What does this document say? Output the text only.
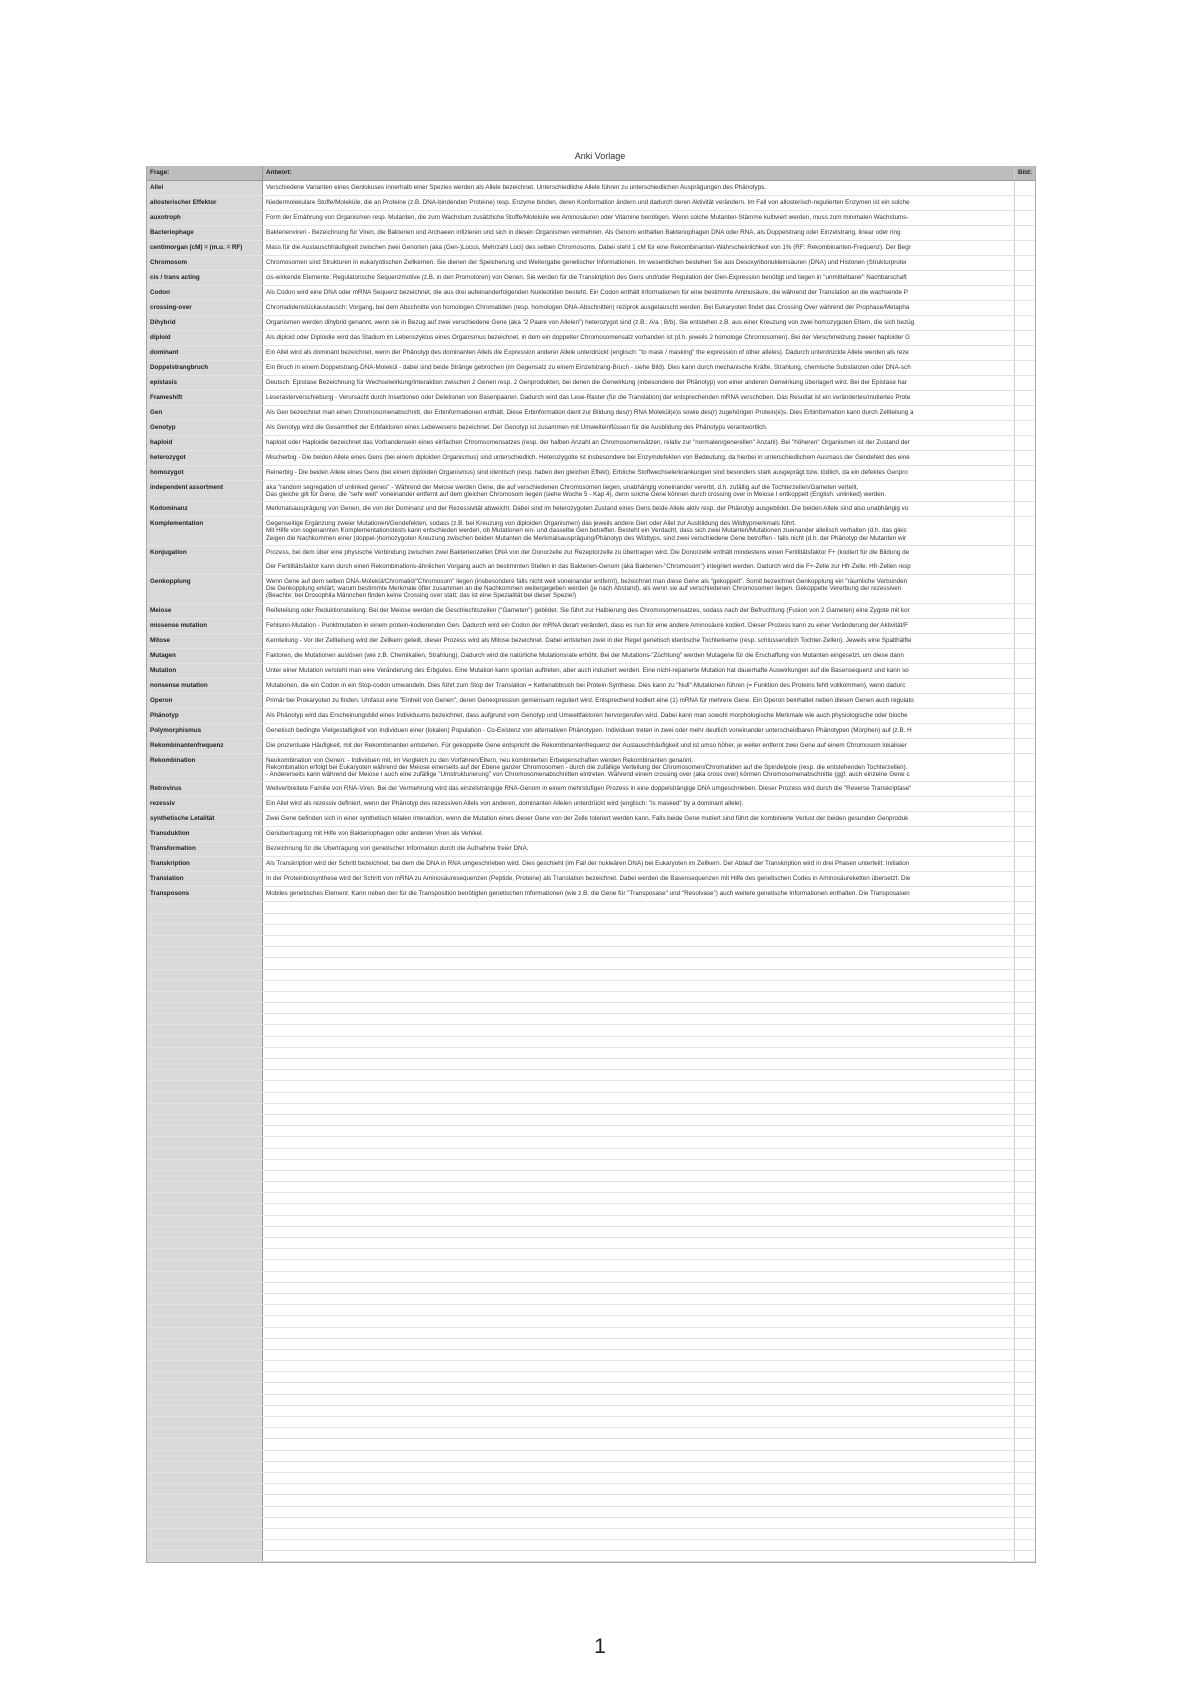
Anki Vorlage
Frage:	Antwort:	Bild:
Allel	Verschiedene Varianten eines Genlokuses innerhalb einer Spezies werden als Allele bezeichnet. Unterschiedliche Allele führen zu unterschiedlichen Ausprägungen des Phänotyps.
allosterischer Effektor	Niedermolekulare Stoffe/Moleküle, die an Proteine (z.B. DNA-bindenden Proteine) resp. Enzyme binden, deren Konformation ändern und dadurch deren Aktivität verändern. Im Fall von allosterisch-regulierten Enzymen ist ein solche
auxotroph	Form der Ernährung von Organismen resp. Mutanten, die zum Wachstum zusätzliche Stoffe/Moleküle wie Aminosäuren oder Vitamine benötigen. Wenn solche Mutanten-Stämme kultiviert werden, muss zum minimalen Wachstums-
Bacteriophage	Bakterienviren - Bezeichnung für Viren, die Bakterien und Archaeen infizieren und sich in diesen Organismen vermehren. Als Genom enthalten Bakteriophagen DNA oder RNA, als Doppelstrang oder Einzelstrang, linear oder ring
centimorgan (cM) = (m.u. = RF)	Mass für die Austauschhäufigkeit zwischen zwei Genorten (aka (Gen-)Locus, Mehrzahl Loci) des selben Chromosoms. Dabei steht 1 cM für eine Rekombinanten-Wahrscheinlichkeit von 1% (RF: Rekombinanten-Frequenz). Der Begr
Chromosom	Chromosomen sind Strukturen in eukaryotischen Zellkernen. Sie dienen der Speicherung und Weitergabe genetischer Informationen. Im wesentlichen bestehen Sie aus Desoxyribonukleinsäuren (DNA) und Histonen (Strukturprotei
cis / trans acting	cis-wirkende Elemente: Regulatorische Sequenzmotive (z.B. in den Promotoren) von Genen. Sie werden für die Transkription des Gens und/oder Regulation der Gen-Expression benötigt und liegen in "unmittelbarer" Nachbarschaft
Codon	Als Codon wird eine DNA oder mRNA Sequenz bezeichnet, die aus drei aufeinanderfolgenden Nukleotiden besteht. Ein Codon enthält Informationen für eine bestimmte Aminosäure, die während der Translation an die wachsende P
crossing-over	Chromatidenstückaustausch: Vorgang, bei dem Abschnitte von homologen Chromatiden (resp. homologen DNA-Abschnitten) reziprok ausgetauscht werden. Bei Eukaryoten findet das Crossing Over während der Prophase/Metapha
Dihybrid	Organismen werden dihybrid genannt, wenn sie in Bezug auf zwei verschiedene Gene (aka "2 Paare von Allelen") heterozygot sind (z.B.: A/a ; B/b). Sie entstehen z.B. aus einer Kreuzung von zwei homozygoten Eltern, die sich bezüg
diploid	Als diploid oder Diploidie wird das Stadium im Lebenszyklus eines Organismus bezeichnet, in dem ein doppelter Chromosomensatz vorhanden ist (d.h. jeweils 2 homologe Chromosomen). Bei der Verschmelzung zweier haploider G
dominant	Ein Allel wird als dominant bezeichnet, wenn der Phänotyp des dominanten Allels die Expression anderer Allele unterdrückt (englisch: "to mask / masking" the expression of other alleles). Dadurch unterdrückte Allele werden als reze
Doppelstrangbruch	Ein Bruch in einem Doppelstrang-DNA-Molekül - dabei sind beide Stränge gebrochen (im Gegensatz zu einem Einzelstrang-Bruch - siehe Bild). Dies kann durch mechanische Kräfte, Strahlung, chemische Substanzen oder DNA-sch
epistasis	Deutsch: Epistase Bezeichnung für Wechselwirkung/Interaktion zwischen 2 Genen resp. 2 Genprodukten, bei denen die Genwirkung (inbesondere der Phänotyp) von einer anderen Genwirkung überlagert wird. Bei der Epistase har
Frameshift	Leserasterverschiebung - Verursacht durch Insertionen oder Deletionen von Basenpaaren. Dadurch wird das Lese-Raster (für die Translation) der entsprechenden mRNA verschoben. Das Resultat ist ein verändertes/mutiertes Prote
Gen	Als Gen bezeichnet man einen Chromosomenabschnitt, der Erbinformationen enthält. Diese Erbinformation dient zur Bildung des(r) RNA Molekül(e)s sowie des(r) zugehörigen Protein(e)s. Dies Erbinformation kann durch Zellteilung a
Genotyp	Als Genotyp wird die Gesamtheit der Erbfaktoren eines Lebewesens bezeichnet. Der Genotyp ist zusammen mit Umwelteinflüssen für die Ausbildung des Phänotyps verantwortlich.
haploid	haploid oder Haploidie bezeichnet das Vorhandensein eines einfachen Chromsomensatzes (resp. der halben Anzahl an Chromosomensätzen, relativ zur "normalen/generellen" Anzahl). Bei "höheren" Organismen ist der Zustand der
heterozygot	Mischerbig - Die beiden Allele eines Gens (bei einem diploiden Organismus) sind unterschiedlich. Heterozygotie ist insbesondere bei Enzymdefekten von Bedeutung, da hierbei in unterschiedlichem Ausmass der Gendefekt des eine
homozygot	Reinerbig - Die beiden Allele eines Gens (bei einem diploiden Organismus) sind identisch (resp. haben den gleichen Effekt). Erbliche Stoffwechselerkrankungen sind besonders stark ausgeprägt bzw. tödlich, da ein defektes Genpro
independent assortment	aka "random segregation of unlinked genes" - Während der Meiose werden Gene, die auf verschiedenen Chromosomen liegen, unabhängig voneinander vererbt, d.h. zufällig auf die Tochterzellen/Gameten verteilt.
Das gleiche gilt für Gene, die "sehr weit" voneinander entfernt auf dem gleichen Chromosom liegen (siehe Woche 5 - Kap 4), denn solche Gene können durch crossing over in Meiose I entkoppelt (English: unlinked) werden.
Kodominanz	Merkmalsausprägung von Genen, die von der Dominanz und der Rezessivität abweicht. Dabei sind im heterozygoten Zustand eines Gens beide Allele aktiv resp. der Phänotyp ausgebildet. Die beiden Allele sind also unabhängig vo
Komplementation	Gegenseitige Ergänzung zweier Mutationen/Gendefekten, sodass (z.B. bei Kreuzung von diploiden Organismen) das jeweils andere Gen oder Allel zur Ausbildung des Wildtypmerkmals führt.
Mit Hilfe von sogenannten Komplementationstests kann entschieden werden, ob Mutationen ein- und dasselbe Gen betreffen. Besteht ein Verdacht, dass sich zwei Mutanten/Mutationen zueinander allelisch verhalten (d.h. das gleic
Zeigen die Nachkommen einer (doppel-)homozygoten Kreuzung zwischen beiden Mutanten die Merkmalsausprägung/Phänotyp des Wildtyps, sind zwei verschiedene Gene betroffen - falls nicht (d.h. der Phänotyp der Mutanten wir
Konjugation	Prozess, bei dem über eine physische Verbindung zwischen zwei Bakterienzellen DNA von der Donorzelle zur Rezeptorzelle zu übertragen wird. Die Donorzelle enthält mindestens einen Fertilitätsfaktor F+ (kodiert für die Bildung de
Der Fertilitätsfaktor kann durch einen Rekombinations-ähnlichen Vorgang auch an bestimmten Stellen in das Bakterien-Genom (aka Bakterien-"Chromosom") integriert werden. Dadurch wird die F+-Zelle zur Hfr-Zelle. Hfr-Zellen resp
Genkopplung	Wenn Gene auf dem selben DNA-Molekül/Chromatid/"Chromosom" liegen (insbesondere falls nicht weit voneinander entfernt), bezeichnet man diese Gene als "gekoppelt". Somit bezeichnet Genkopplung ein "räumliche Verbunden
Die Genkopplung erklärt, warum bestimmte Merkmale öfter zusammen an die Nachkommen weitergegeben werden (je nach Abstand), als wenn sie auf verschiedenen Chromosomen liegen. Gekoppelte Vererbung der rezessiven
(Beachte: bei Drosophila Männchen finden keine Crossing over statt; das ist eine Spezialität bei dieser Spezie!)
Meiose	Reifeteilung oder Reduktionsteilung: Bei der Meiose werden die Geschlechtszellen ("Gameten") gebildet. Sie führt zur Halbierung des Chromosomensatzes, sodass nach der Befruchtung (Fusion von 2 Gameten) eine Zygote mit kor
missense mutation	Fehlsinn-Mutation - Punktmutation in einem protein-kodierenden Gen. Dadurch wird ein Codon der mRNA derart verändert, dass es nun für eine andere Aminosäure kodiert. Dieser Prozess kann zu einer Veränderung der Aktivität/F
Mitose	Kernteilung - Vor der Zellteilung wird der Zellkern geteilt, dieser Prozess wird als Mitose bezeichnet. Dabei entstehen zwei in der Regel genetisch identische Tochterkerne (resp. schlussendlich Tochter-Zellen). Jeweils eine Spalthälfte
Mutagen	Faktoren, die Mutationen auslösen (wie z.B. Chemikalien, Strahlung). Dadurch wird die natürliche Mutationsrate erhöht. Bei der Mutations-"Züchtung" werden Mutagene für die Erschaffung von Mutanten eingesetzt, um diese dann
Mutation	Unter einer Mutation versteht man eine Veränderung des Erbgutes. Eine Mutation kann spontan auftreten, aber auch induziert werden. Eine nicht-reparierte Mutation hat dauerhafte Auswirkungen auf die Basensequenz und kann so
nonsense mutation	Mutationen, die ein Codon in ein Stop-codon umwandeln. Dies führt zum Stop der Translation = Kettenabbruch bei Protein-Synthese. Dies kann zu "Null"-Mutationen führen (= Funktion des Proteins fehlt vollkommen), wenn dadurc
Operon	Primär bei Prokaryoten zu finden. Umfasst eine "Einheit von Genen", deren Genexpression gemeinsam reguliert wird. Entsprechend kodiert eine (1) mRNA für mehrere Gene. Ein Operon beinhaltet neben diesen Genen auch regulato
Phänotyp	Als Phänotyp wird das Erscheinungsbild eines Individuums bezeichnet, dass aufgrund vom Genotyp und Umweltfaktoren hervorgerufen wird. Dabei kann man sowohl morphologische Merkmale wie auch physiologische oder bioche
Polymorphismus	Genetisch bedingte Vielgestaltigkeit von Individuen einer (lokalen) Population - Co-Existenz von alternativen Phänotypen. Individuen treten in zwei oder mehr deutlich voneinander unterscheidbaren Phänotypen (Morphen) auf (z.B. H
Rekombinantenfrequenz	Die prozentuale Häufigkeit, mit der Rekombinanten entstehen. Für gekoppelte Gene entspricht die Rekombinantenfrequenz der Austauschhäufigkeit und ist umso höher, je weiter entfernt zwei Gene auf einem Chromosom lokalisier
Rekombination	Neukombination von Genen: - Individuen mit, im Vergleich zu den Vorfahren/Eltern, neu kombinierten Erbeigenschaften werden Rekombinanten genannt.
Rekombination erfolgt bei Eukaryoten während der Meiose einerseits auf der Ebene ganzer Chromosomen - durch die zufällige Verteilung der Chromosomen/Chromatiden auf die Spindelpole (resp. die entstehenden Tochterzellen).
- Andererseits kann während der Meiose I auch eine zufällige "Umstrukturierung" von Chromosomenabschnitten eintreten. Während einem crossing over (aka cross over) können Chromosomenabschnitte (ggf. auch einzelne Gene c
Retrovirus	Weitverbreitete Familie von RNA-Viren. Bei der Vermehrung wird das einzelsträngige RNA-Genom in einem mehrstufigen Prozess in eine doppelsträngige DNA umgeschrieben. Dieser Prozess wird durch die "Reverse Transkriptase"
rezessiv	Ein Allel wird als rezessiv definiert, wenn der Phänotyp des rezessiven Allels von anderen, dominanten Allelen unterdrückt wird (englisch: "is masked" by a dominant allele).
synthetische Letalität	Zwei Gene befinden sich in einer synthetisch letalen Interaktion, wenn die Mutation eines dieser Gene von der Zelle toleriert werden kann. Falls beide Gene mutiert sind führt der kombinierte Verlust der beiden gesunden Genproduk
Transduktion	Genübertragung mit Hilfe von Bakteriophagen oder anderen Viren als Vehikel.
Transformation	Bezeichnung für die Übertragung von genetischer Information durch die Aufnahme freier DNA.
Transkription	Als Transkription wird der Schritt bezeichnet, bei dem die DNA in RNA umgeschrieben wird. Dies geschieht (im Fall der nukleären DNA) bei Eukaryoten im Zellkern. Der Ablauf der Transkription wird in drei Phasen unterteilt: Initiation
Translation	In der Proteinbiosynthese wird der Schritt von mRNA zu Aminosäuresequenzen (Peptide, Proteine) als Translation bezeichnet. Dabei werden die Basensequenzen mit Hilfe des genetischen Codes in Aminosäureketten übersetzt. Die
Transposons	Mobiles genetisches Element. Kann neben den für die Transposition benötigten genetischen Informationen (wie z.B. die Gene für "Transposase" und "Resolvase") auch weitere genetische Informationen enthalten. Die Transposasen
1
